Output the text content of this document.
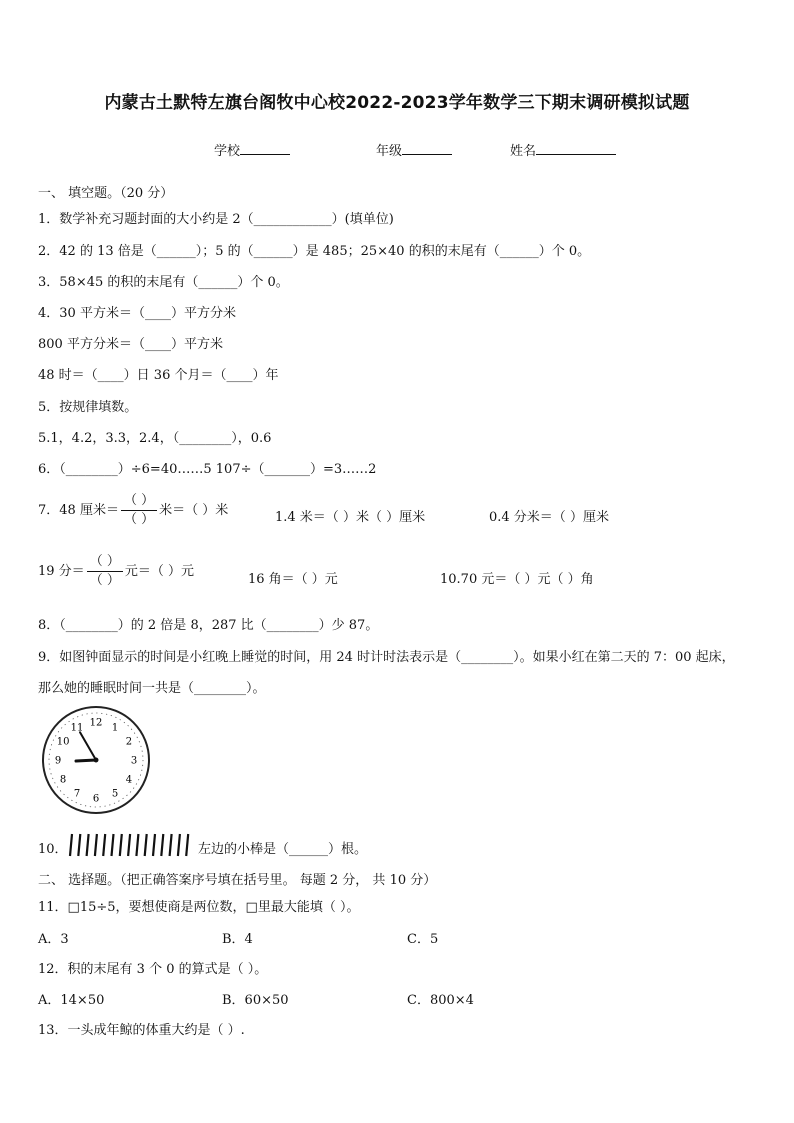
内蒙古土默特左旗台阁牧中心校2022-2023学年数学三下期末调研模拟试题
学校	年级	姓名
一、 填空题。（20 分）
1．数学补充习题封面的大小约是 2（____________）(填单位)
2．42 的 13 倍是（______）；5 的（______）是 485；25×40 的积的末尾有（______）个 0。
3．58×45 的积的末尾有（______）个 0。
4．30 平方米＝（____）平方分米
800 平方分米＝（____）平方米
48 时＝（____）日 36 个月＝（____）年
5．按规律填数。
5.1，4.2，3.3，2.4，（________），0.6
6．（________）÷6=40……5 107÷（_______）=3……2
7．48 厘米＝ $\frac{( )}{( )}$ 米＝（ ）米	1.4 米＝（ ）米（ ）厘米	0.4 分米＝（ ）厘米
19 分＝ $\frac{( )}{( )}$ 元＝（ ）元
16 角＝（ ）元	10.70 元＝（ ）元（ ）角
8．（________）的 2 倍是 8，287 比（________）少 87。
9．如图钟面显示的时间是小红晚上睡觉的时间，用 24 时计时法表示是（________）。如果小红在第二天的 7：00 起床，
那么她的睡眠时间一共是（________）。
12 1
2
3
4
5
6
7
8
9
10
11
10．	左边的小棒是（______）根。
二、 选择题。（把正确答案序号填在括号里。 每题 2 分， 共 10 分）
11．□15÷5，要想使商是两位数，□里最大能填（ ）。
A．3	B．4	C．5
12．积的末尾有 3 个 0 的算式是（ ）。
A．14×50	B．60×50	C．800×4
13．一头成年鲸的体重大约是（ ）.
